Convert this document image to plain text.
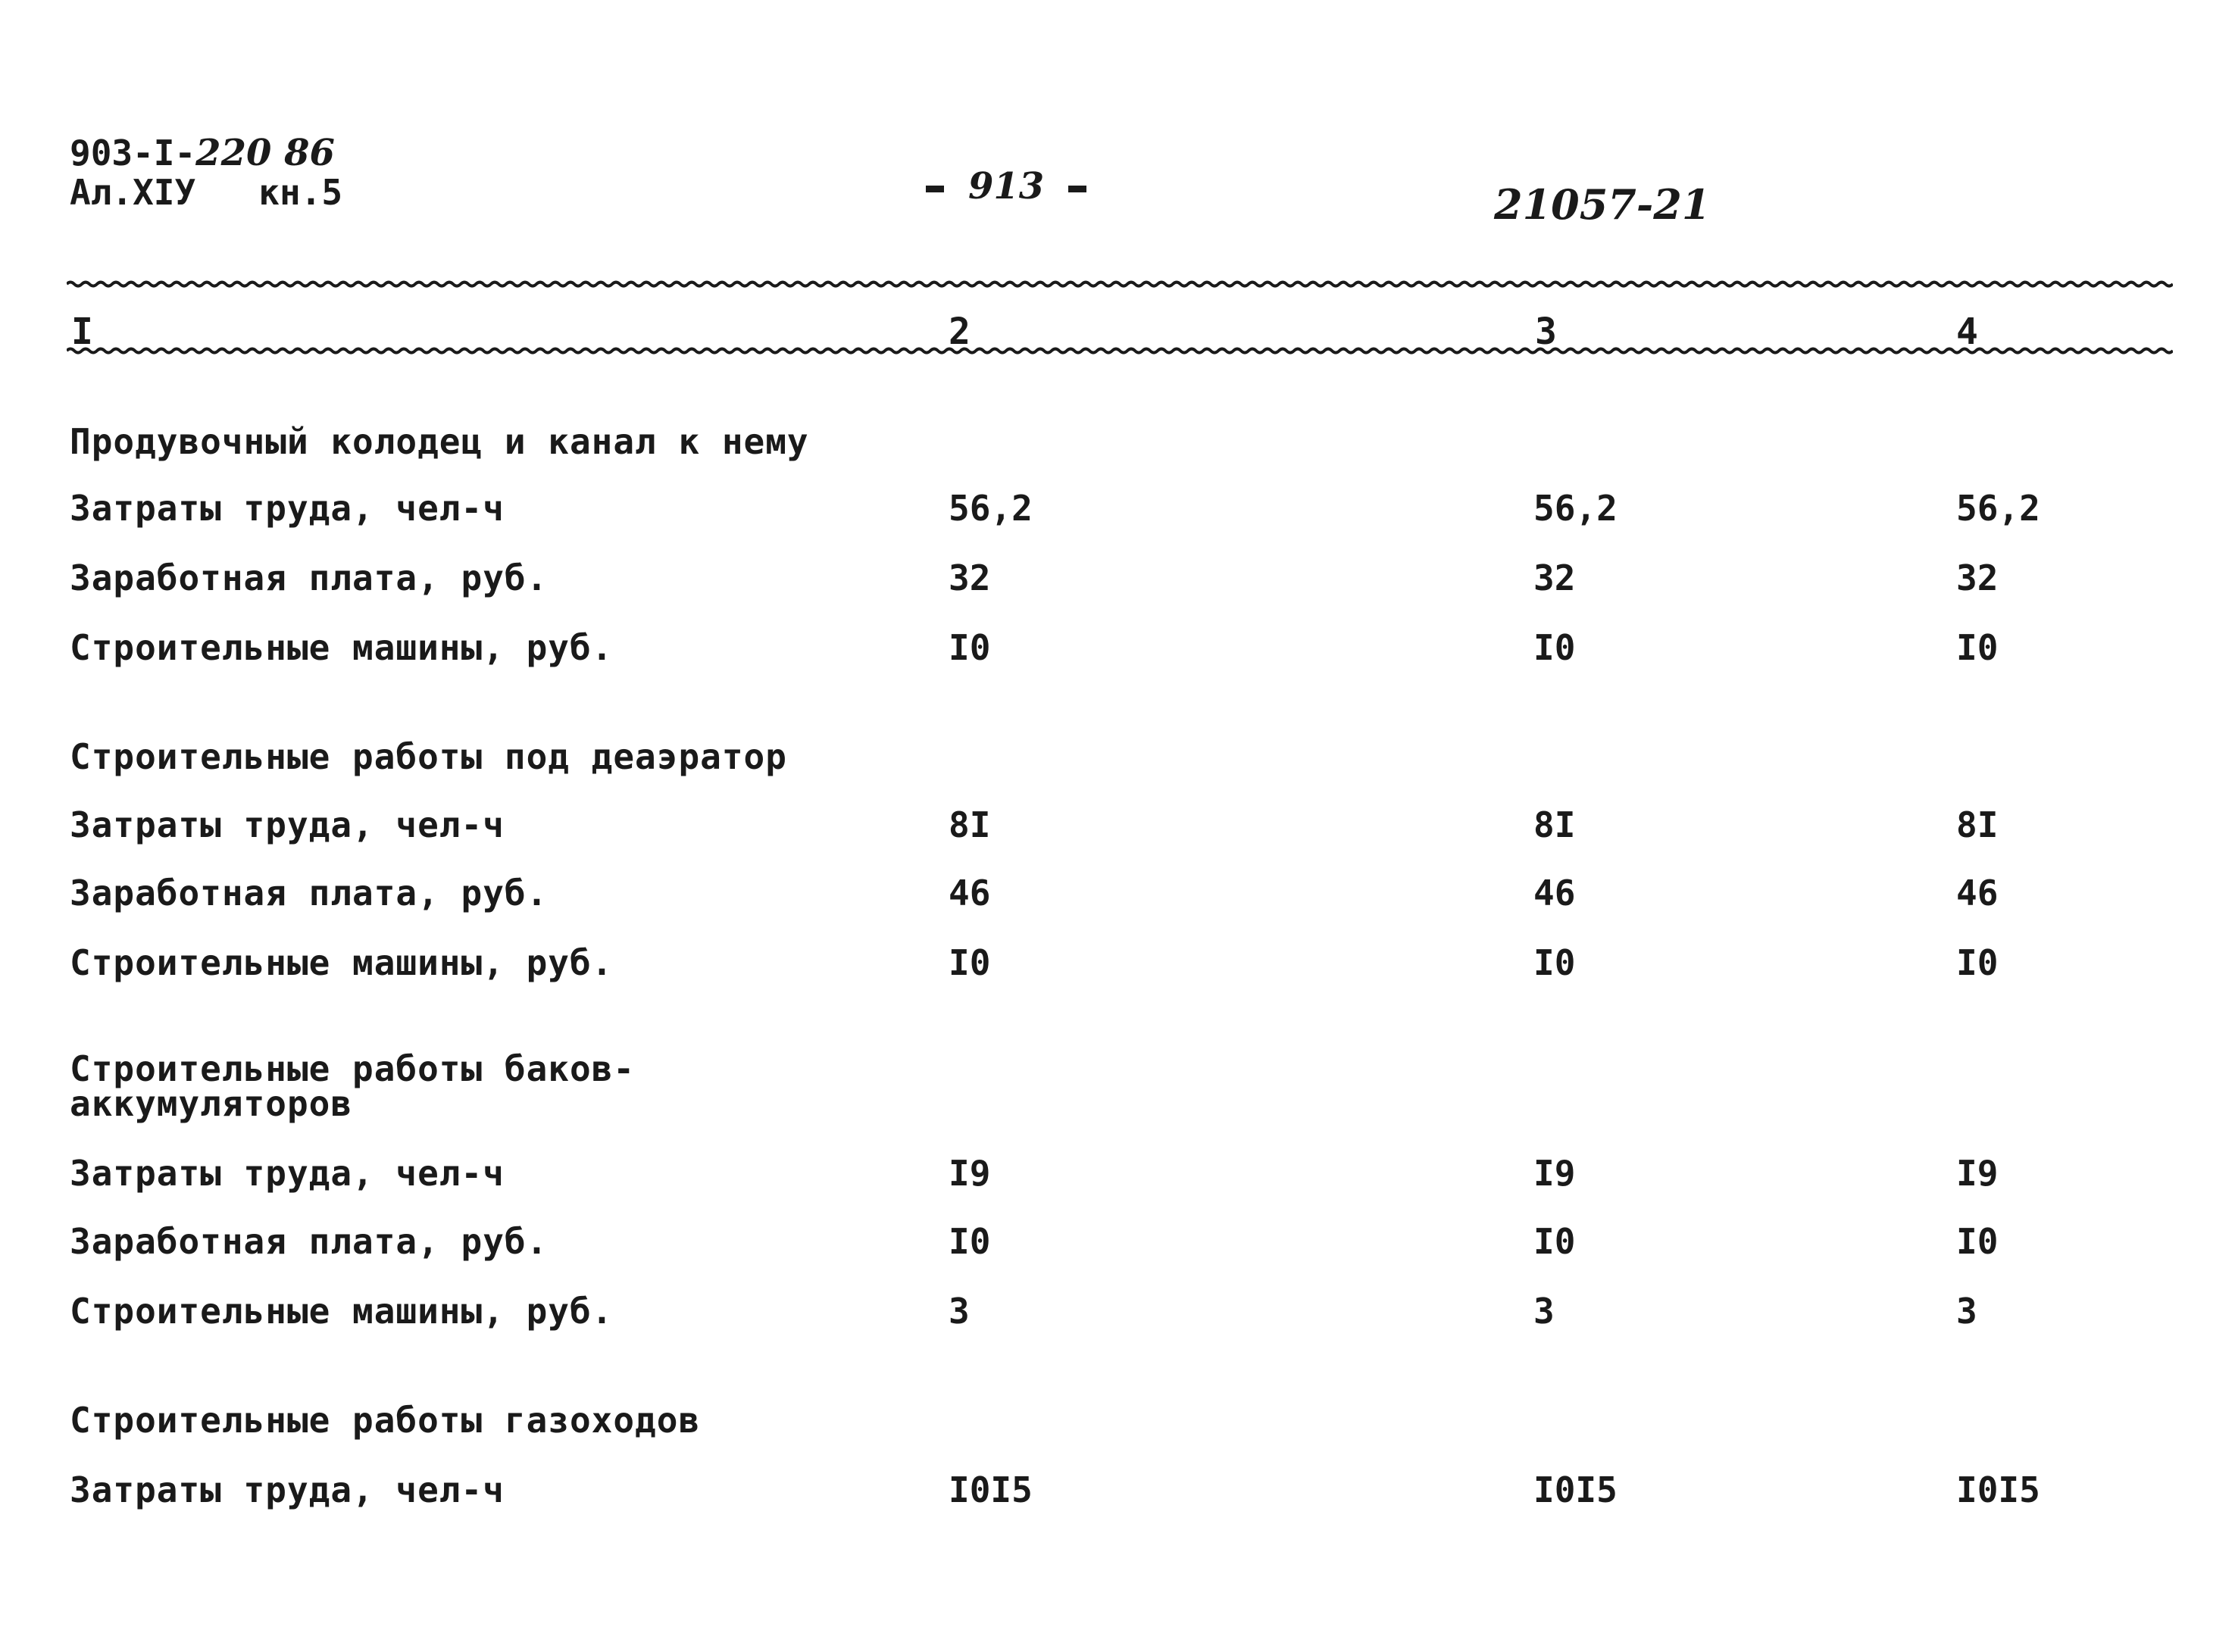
903-I-220 86
Ал.XIУ   кн.5	913	21057-21
I	2	3	4
Продувочный колодец и канал к нему
Затраты труда, чел-ч	56,2	56,2	56,2
Заработная плата, руб.	32	32	32
Строительные машины, руб.	I0	I0	I0
Строительные работы под деаэратор
Затраты труда, чел-ч	8I	8I	8I
Заработная плата, руб.	46	46	46
Строительные машины, руб.	I0	I0	I0
Строительные работы баков-
аккумуляторов
Затраты труда, чел-ч	I9	I9	I9
Заработная плата, руб.	I0	I0	I0
Строительные машины, руб.	3	3	3
Строительные работы газоходов
Затраты труда, чел-ч	I0I5	I0I5	I0I5
